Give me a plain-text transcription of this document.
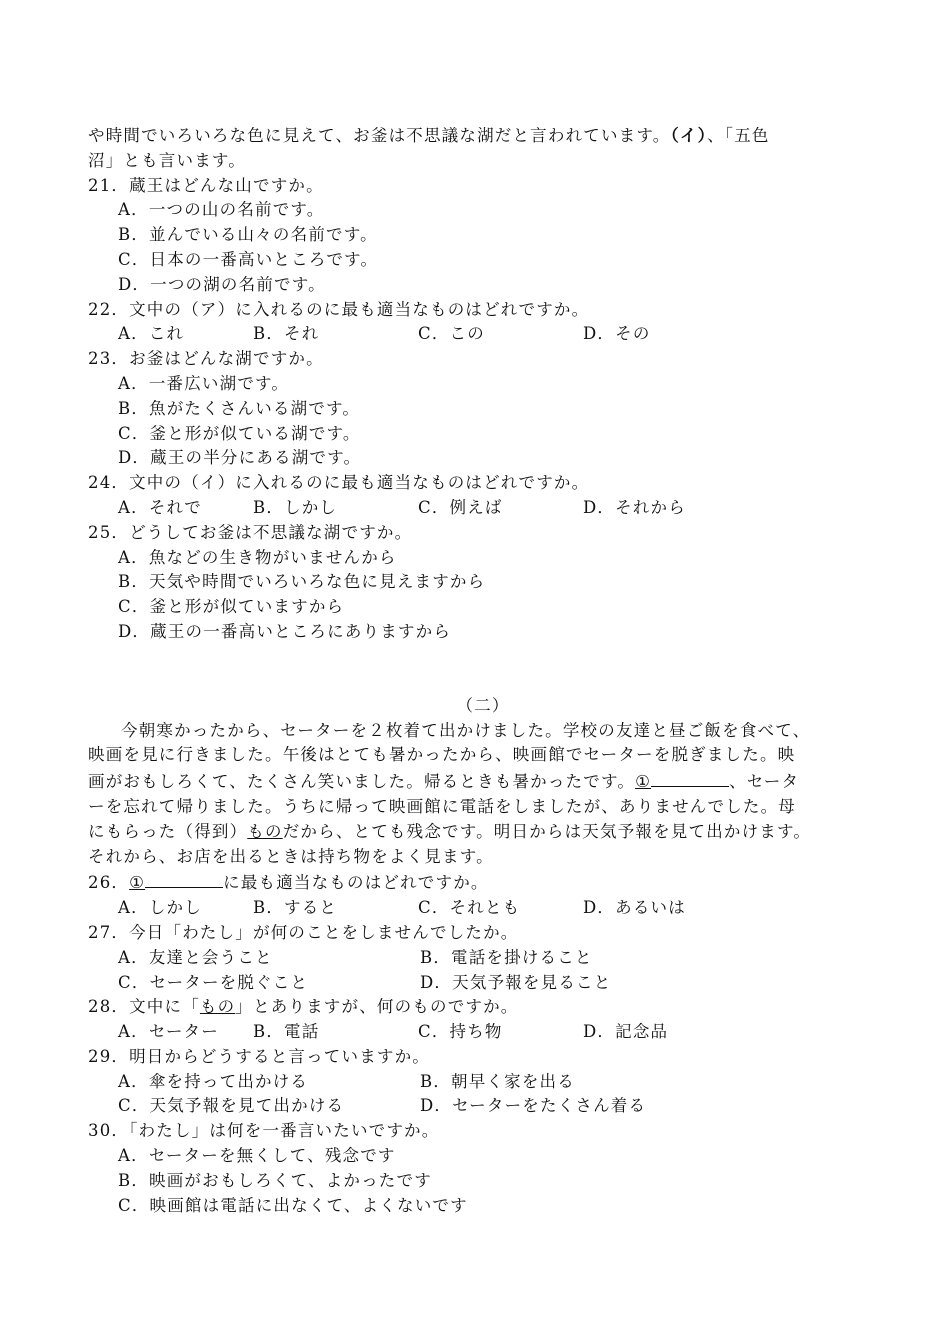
や時間でいろいろな色に見えて、お釜は不思議な湖だと言われています。（イ）、「五色
沼」とも言います。
21．蔵王はどんな山ですか。
A．一つの山の名前です。
B．並んでいる山々の名前です。
C．日本の一番高いところです。
D．一つの湖の名前です。
22．文中の（ア）に入れるのに最も適当なものはどれですか。
A．これ	B．それ	C．この	D．その
23．お釜はどんな湖ですか。
A．一番広い湖です。
B．魚がたくさんいる湖です。
C．釜と形が似ている湖です。
D．蔵王の半分にある湖です。
24．文中の（イ）に入れるのに最も適当なものはどれですか。
A．それで	B．しかし	C．例えば	D．それから
25．どうしてお釜は不思議な湖ですか。
A．魚などの生き物がいませんから
B．天気や時間でいろいろな色に見えますから
C．釜と形が似ていますから
D．蔵王の一番高いところにありますから
（二）
今朝寒かったから、セーターを２枚着て出かけました。学校の友達と昼ご飯を食べて、
映画を見に行きました。午後はとても暑かったから、映画館でセーターを脱ぎました。映
画がおもしろくて、たくさん笑いました。帰るときも暑かったです。①	、セータ
ーを忘れて帰りました。うちに帰って映画館に電話をしましたが、ありませんでした。母
にもらった（得到）ものだから、とても残念です。明日からは天気予報を見て出かけます。
それから、お店を出るときは持ち物をよく見ます。
26．①	に最も適当なものはどれですか。
A．しかし	B．すると	C．それとも	D．あるいは
27．今日「わたし」が何のことをしませんでしたか。
A．友達と会うこと	B．電話を掛けること
C．セーターを脱ぐこと	D．天気予報を見ること
28．文中に「もの」とありますが、何のものですか。
A．セーター	B．電話	C．持ち物	D．記念品
29．明日からどうすると言っていますか。
A．傘を持って出かける	B．朝早く家を出る
C．天気予報を見て出かける	D．セーターをたくさん着る
30．「わたし」は何を一番言いたいですか。
A．セーターを無くして、残念です
B．映画がおもしろくて、よかったです
C．映画館は電話に出なくて、よくないです
